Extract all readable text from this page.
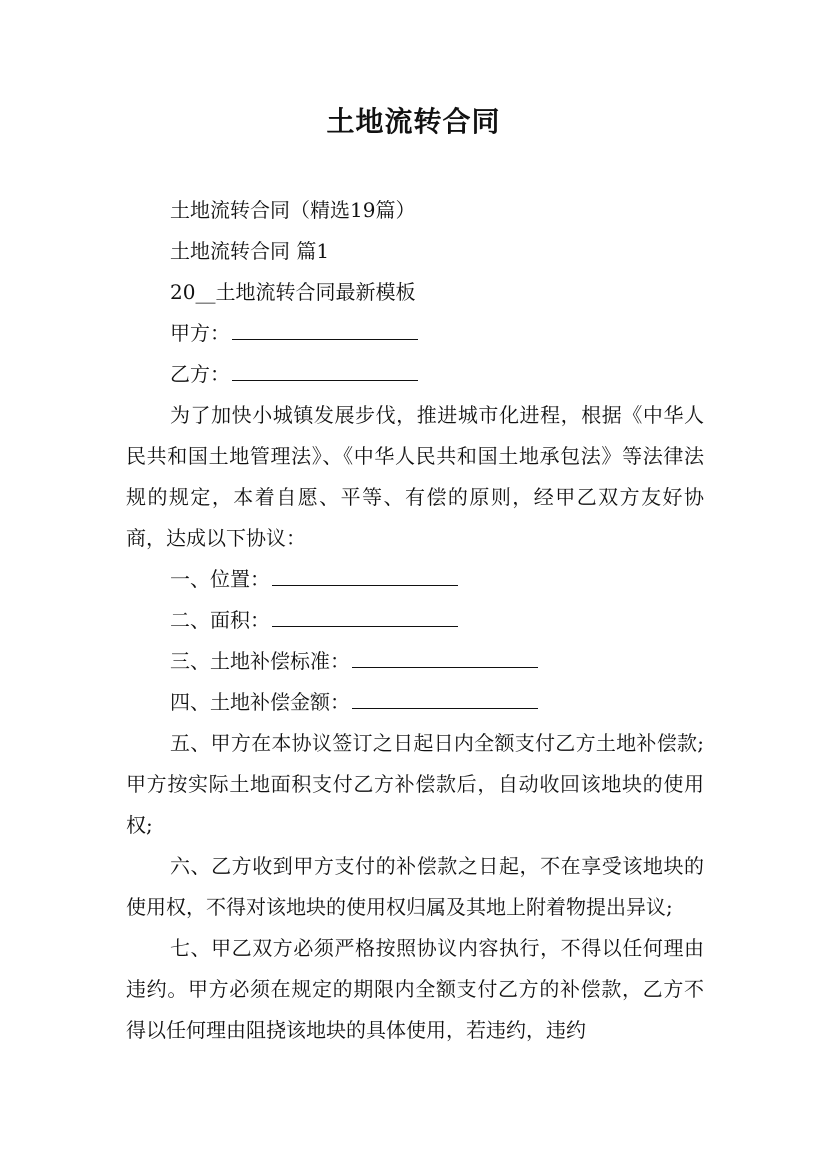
土地流转合同

土地流转合同（精选19篇）

土地流转合同 篇1

20__土地流转合同最新模板

甲方：

乙方：

为了加快小城镇发展步伐，推进城市化进程，根据《中华人民共和国土地管理法》、《中华人民共和国土地承包法》等法律法规的规定，本着自愿、平等、有偿的原则，经甲乙双方友好协商，达成以下协议：

一、位置：

二、面积：

三、土地补偿标准：

四、土地补偿金额：

五、甲方在本协议签订之日起日内全额支付乙方土地补偿款;甲方按实际土地面积支付乙方补偿款后，自动收回该地块的使用权;

六、乙方收到甲方支付的补偿款之日起，不在享受该地块的使用权，不得对该地块的使用权归属及其地上附着物提出异议;

七、甲乙双方必须严格按照协议内容执行，不得以任何理由违约。甲方必须在规定的期限内全额支付乙方的补偿款，乙方不得以任何理由阻挠该地块的具体使用，若违约，违约
